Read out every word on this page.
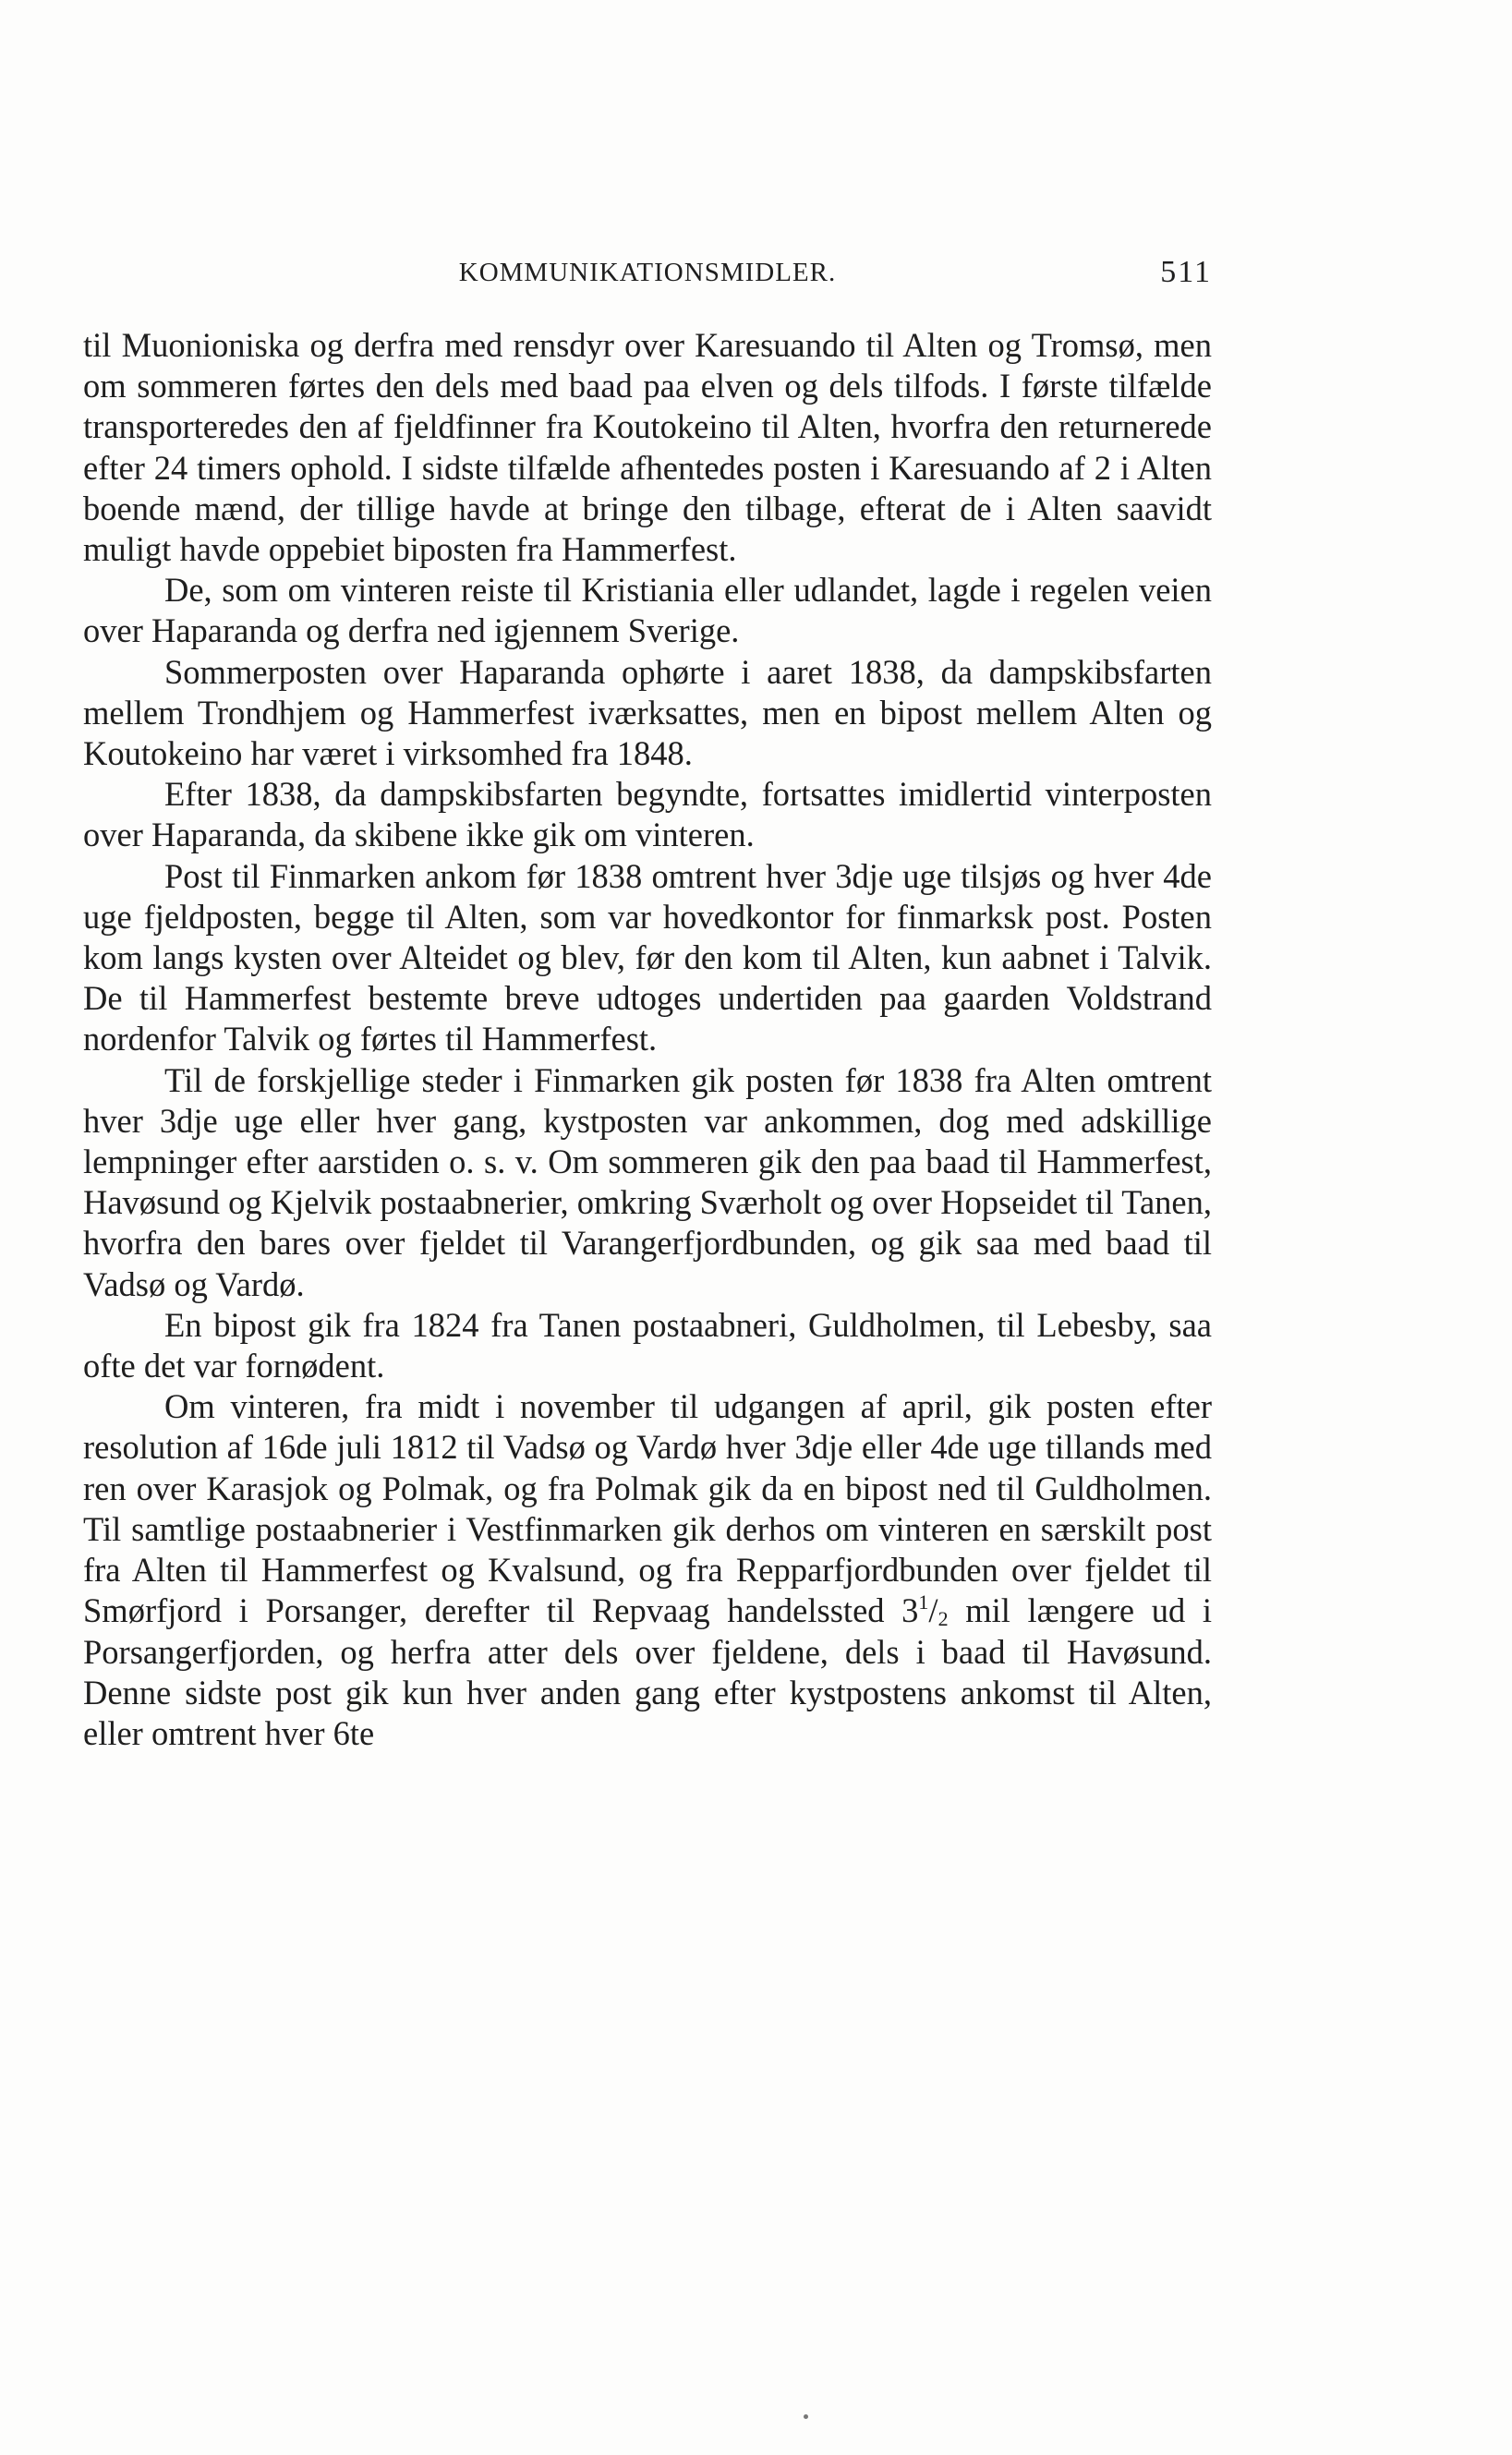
KOMMUNIKATIONSMIDLER.	511

til Muonioniska og derfra med rensdyr over Karesuando til Alten og Tromsø, men om sommeren førtes den dels med baad paa elven og dels tilfods. I første tilfælde transporteredes den af fjeldfinner fra Koutokeino til Alten, hvorfra den returnerede efter 24 timers ophold. I sidste tilfælde afhentedes posten i Karesuando af 2 i Alten boende mænd, der tillige havde at bringe den tilbage, efterat de i Alten saavidt muligt havde oppebiet biposten fra Hammerfest.

De, som om vinteren reiste til Kristiania eller udlandet, lagde i regelen veien over Haparanda og derfra ned igjennem Sverige.

Sommerposten over Haparanda ophørte i aaret 1838, da dampskibsfarten mellem Trondhjem og Hammerfest iværksattes, men en bipost mellem Alten og Koutokeino har været i virksomhed fra 1848.

Efter 1838, da dampskibsfarten begyndte, fortsattes imidlertid vinterposten over Haparanda, da skibene ikke gik om vinteren.

Post til Finmarken ankom før 1838 omtrent hver 3dje uge tilsjøs og hver 4de uge fjeldposten, begge til Alten, som var hovedkontor for finmarksk post. Posten kom langs kysten over Alteidet og blev, før den kom til Alten, kun aabnet i Talvik. De til Hammerfest bestemte breve udtoges undertiden paa gaarden Voldstrand nordenfor Talvik og førtes til Hammerfest.

Til de forskjellige steder i Finmarken gik posten før 1838 fra Alten omtrent hver 3dje uge eller hver gang, kystposten var ankommen, dog med adskillige lempninger efter aarstiden o. s. v. Om sommeren gik den paa baad til Hammerfest, Havøsund og Kjelvik postaabnerier, omkring Sværholt og over Hopseidet til Tanen, hvorfra den bares over fjeldet til Varangerfjordbunden, og gik saa med baad til Vadsø og Vardø.

En bipost gik fra 1824 fra Tanen postaabneri, Guldholmen, til Lebesby, saa ofte det var fornødent.

Om vinteren, fra midt i november til udgangen af april, gik posten efter resolution af 16de juli 1812 til Vadsø og Vardø hver 3dje eller 4de uge tillands med ren over Karasjok og Polmak, og fra Polmak gik da en bipost ned til Guldholmen. Til samtlige postaabnerier i Vestfinmarken gik derhos om vinteren en særskilt post fra Alten til Hammerfest og Kvalsund, og fra Repparfjordbunden over fjeldet til Smørfjord i Porsanger, derefter til Repvaag handelssted $3^1/_2$ mil længere ud i Porsangerfjorden, og herfra atter dels over fjeldene, dels i baad til Havøsund. Denne sidste post gik kun hver anden gang efter kystpostens ankomst til Alten, eller omtrent hver 6te
